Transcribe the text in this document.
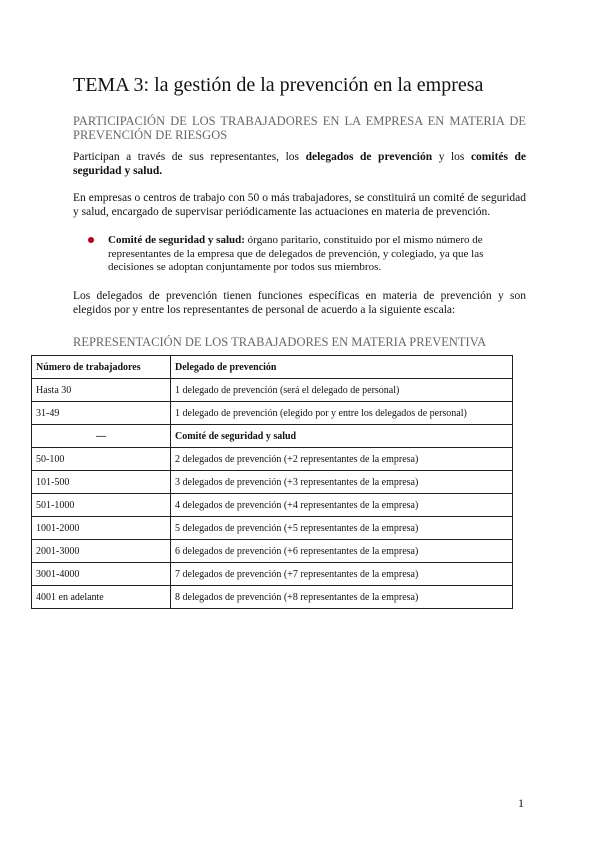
TEMA 3: la gestión de la prevención en la empresa
PARTICIPACIÓN DE LOS TRABAJADORES EN LA EMPRESA EN MATERIA DE PREVENCIÓN DE RIESGOS
Participan a través de sus representantes, los delegados de prevención y los comités de seguridad y salud.
En empresas o centros de trabajo con 50 o más trabajadores, se constituirá un comité de seguridad y salud, encargado de supervisar periódicamente las actuaciones en materia de prevención.
Comité de seguridad y salud: órgano paritario, constituido por el mismo número de representantes de la empresa que de delegados de prevención, y colegiado, ya que las decisiones se adoptan conjuntamente por todos sus miembros.
Los delegados de prevención tienen funciones específicas en materia de prevención y son elegidos por y entre los representantes de personal de acuerdo a la siguiente escala:
REPRESENTACIÓN DE LOS TRABAJADORES EN MATERIA PREVENTIVA
Número de trabajadores	Delegado de prevención
Hasta 30	1 delegado de prevención (será el delegado de personal)
31-49	1 delegado de prevención (elegido por y entre los delegados de personal)
—	Comité de seguridad y salud
50-100	2 delegados de prevención (+2 representantes de la empresa)
101-500	3 delegados de prevención (+3 representantes de la empresa)
501-1000	4 delegados de prevención (+4 representantes de la empresa)
1001-2000	5 delegados de prevención (+5 representantes de la empresa)
2001-3000	6 delegados de prevención (+6 representantes de la empresa)
3001-4000	7 delegados de prevención (+7 representantes de la empresa)
4001 en adelante	8 delegados de prevención (+8 representantes de la empresa)
1
